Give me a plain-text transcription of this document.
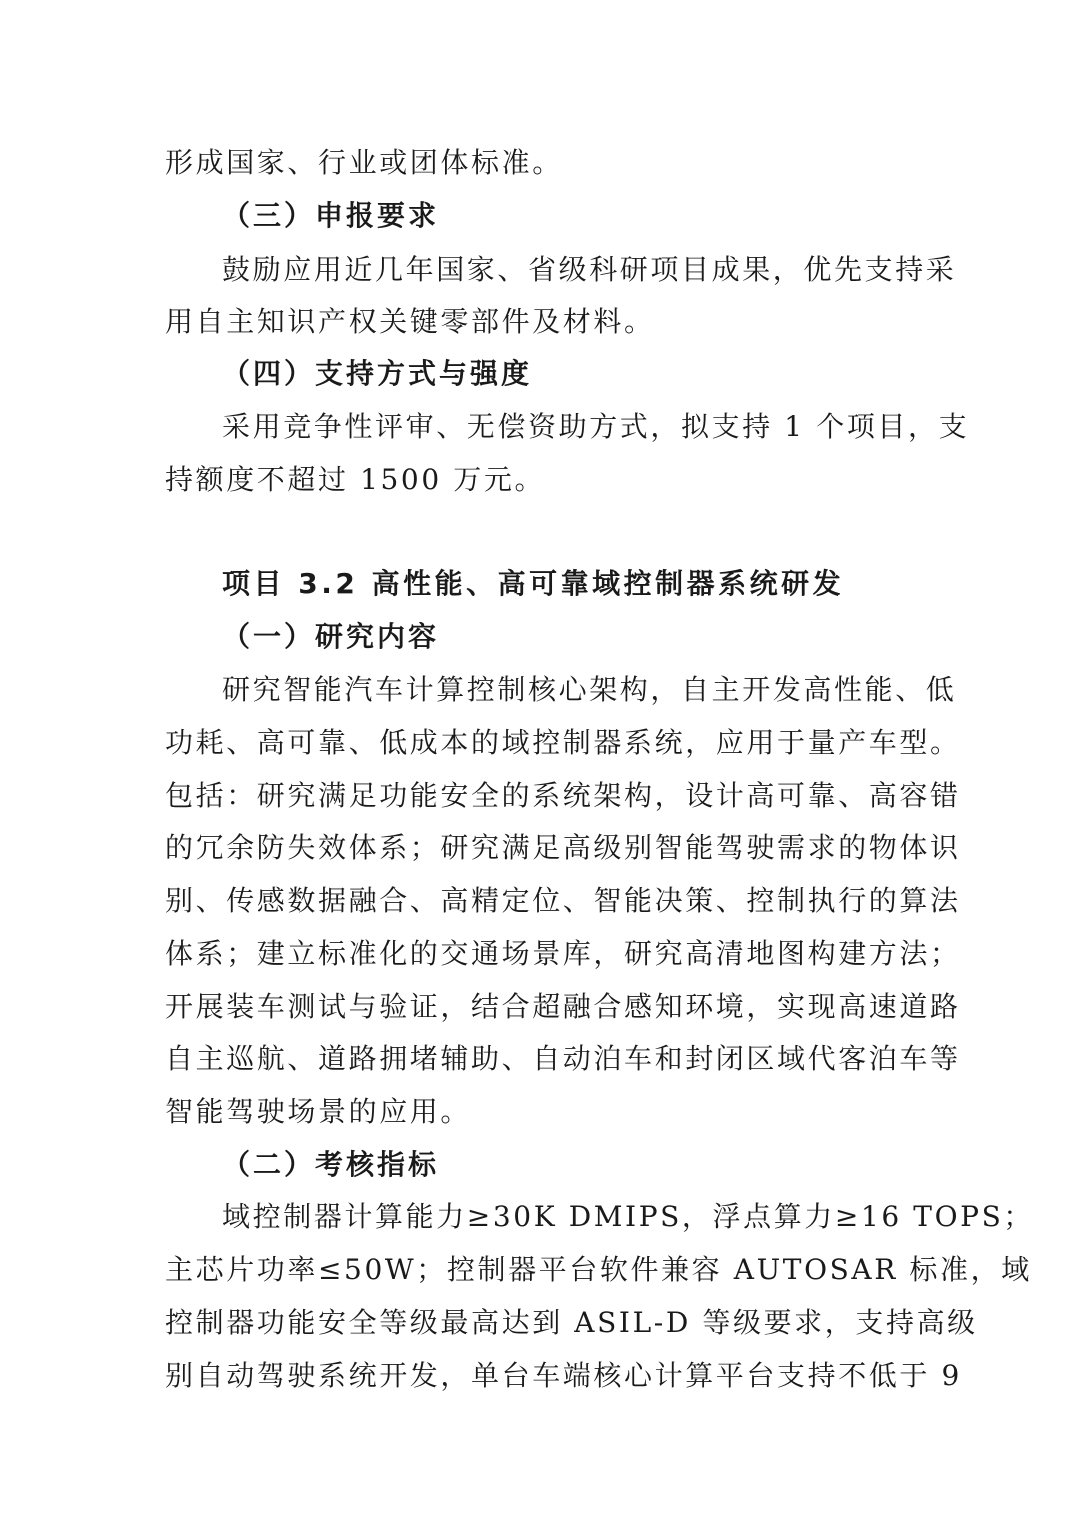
形成国家、行业或团体标准。
（三）申报要求
鼓励应用近几年国家、省级科研项目成果，优先支持采
用自主知识产权关键零部件及材料。
（四）支持方式与强度
采用竞争性评审、无偿资助方式，拟支持 1 个项目，支
持额度不超过 1500 万元。
项目 3.2 高性能、高可靠域控制器系统研发
（一）研究内容
研究智能汽车计算控制核心架构，自主开发高性能、低
功耗、高可靠、低成本的域控制器系统，应用于量产车型。
包括：研究满足功能安全的系统架构，设计高可靠、高容错
的冗余防失效体系；研究满足高级别智能驾驶需求的物体识
别、传感数据融合、高精定位、智能决策、控制执行的算法
体系；建立标准化的交通场景库，研究高清地图构建方法；
开展装车测试与验证，结合超融合感知环境，实现高速道路
自主巡航、道路拥堵辅助、自动泊车和封闭区域代客泊车等
智能驾驶场景的应用。
（二）考核指标
域控制器计算能力≥30K DMIPS，浮点算力≥16 TOPS；
主芯片功率≤50W；控制器平台软件兼容 AUTOSAR 标准，域
控制器功能安全等级最高达到 ASIL-D 等级要求，支持高级
别自动驾驶系统开发，单台车端核心计算平台支持不低于 9
